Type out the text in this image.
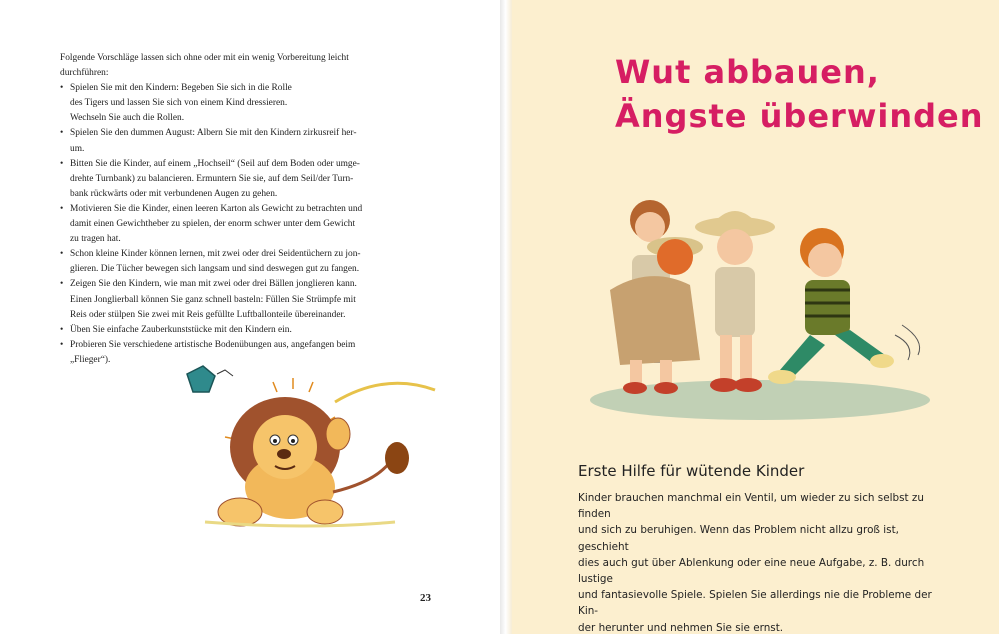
Folgende Vorschläge lassen sich ohne oder mit ein wenig Vorbereitung leicht durchführen:

• Spielen Sie mit den Kindern: Begeben Sie sich in die Rolle
des Tigers und lassen Sie sich von einem Kind dressieren.
Wechseln Sie auch die Rollen.
• Spielen Sie den dummen August: Albern Sie mit den Kindern zirkusreif her-
um.
• Bitten Sie die Kinder, auf einem „Hochseil“ (Seil auf dem Boden oder umge-
drehte Turnbank) zu balancieren. Ermuntern Sie sie, auf dem Seil/der Turn-
bank rückwärts oder mit verbundenen Augen zu gehen.
• Motivieren Sie die Kinder, einen leeren Karton als Gewicht zu betrachten und
damit einen Gewichtheber zu spielen, der enorm schwer unter dem Gewicht
zu tragen hat.
• Schon kleine Kinder können lernen, mit zwei oder drei Seidentüchern zu jon-
glieren. Die Tücher bewegen sich langsam und sind deswegen gut zu fangen.
• Zeigen Sie den Kindern, wie man mit zwei oder drei Bällen jonglieren kann.
Einen Jonglierball können Sie ganz schnell basteln: Füllen Sie Strümpfe mit
Reis oder stülpen Sie zwei mit Reis gefüllte Luftballonteile übereinander.
• Üben Sie einfache Zauberkunststücke mit den Kindern ein.
• Probieren Sie verschiedene artistische Bodenübungen aus, angefangen beim
„Flieger“).
23
Wut abbauen,
Ängste überwinden
Erste Hilfe für wütende Kinder
Kinder brauchen manchmal ein Ventil, um wieder zu sich selbst zu finden
und sich zu beruhigen. Wenn das Problem nicht allzu groß ist, geschieht
dies auch gut über Ablenkung oder eine neue Aufgabe, z. B. durch lustige
und fantasievolle Spiele. Spielen Sie allerdings nie die Probleme der Kin-
der herunter und nehmen Sie sie ernst.
